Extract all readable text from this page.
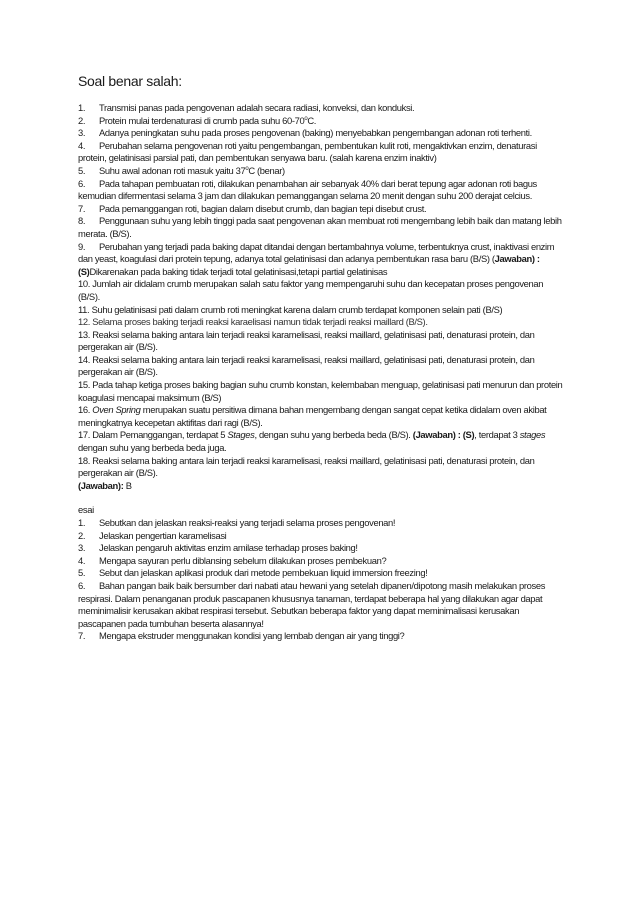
Soal benar salah:

1. Transmisi panas pada pengovenan adalah secara radiasi, konveksi, dan konduksi.

2. Protein mulai terdenaturasi di crumb pada suhu 60-70$^o$C.

3. Adanya peningkatan suhu pada proses pengovenan (baking) menyebabkan pengembangan adonan roti terhenti.

4. Perubahan selama pengovenan roti yaitu pengembangan, pembentukan kulit roti, mengaktivkan enzim, denaturasi protein, gelatinisasi parsial pati, dan pembentukan senyawa baru. (salah karena enzim inaktiv)

5. Suhu awal adonan roti masuk yaitu 37$^o$C (benar)

6. Pada tahapan pembuatan roti, dilakukan penambahan air sebanyak 40% dari berat tepung agar adonan roti bagus kemudian difermentasi selama 3 jam dan dilakukan pemanggangan selama 20 menit dengan suhu 200 derajat celcius.

7. Pada pemanggangan roti, bagian dalam disebut crumb, dan bagian tepi disebut crust.

8. Penggunaan suhu yang lebih tinggi pada saat pengovenan akan membuat roti mengembang lebih baik dan matang lebih merata. (B/S).

9. Perubahan yang terjadi pada baking dapat ditandai dengan bertambahnya volume, terbentuknya crust, inaktivasi enzim dan yeast, koagulasi dari protein tepung, adanya total gelatinisasi dan adanya pembentukan rasa baru (B/S) (Jawaban) : (S)Dikarenakan pada baking tidak terjadi total gelatinisasi,tetapi partial gelatinisas

10. Jumlah air didalam crumb merupakan salah satu faktor yang mempengaruhi suhu dan kecepatan proses pengovenan (B/S).

11. Suhu gelatinisasi pati dalam crumb roti meningkat karena dalam crumb terdapat komponen selain pati (B/S)

12. Selama proses baking terjadi reaksi karaelisasi namun tidak terjadi reaksi maillard (B/S).

13. Reaksi selama baking antara lain terjadi reaksi karamelisasi, reaksi maillard, gelatinisasi pati, denaturasi protein, dan pergerakan air (B/S).

14. Reaksi selama baking antara lain terjadi reaksi karamelisasi, reaksi maillard, gelatinisasi pati, denaturasi protein, dan pergerakan air (B/S).

15. Pada tahap ketiga proses baking bagian suhu crumb konstan, kelembaban menguap, gelatinisasi pati menurun dan protein koagulasi mencapai maksimum (B/S)

16. Oven Spring merupakan suatu persitiwa dimana bahan mengembang dengan sangat cepat ketika didalam oven akibat meningkatnya kecepetan aktifitas dari ragi (B/S).

17. Dalam Pemanggangan, terdapat 5 Stages, dengan suhu yang berbeda beda (B/S). (Jawaban) : (S), terdapat 3 stages dengan suhu yang berbeda beda juga.

18. Reaksi selama baking antara lain terjadi reaksi karamelisasi, reaksi maillard, gelatinisasi pati, denaturasi protein, dan pergerakan air (B/S).
(Jawaban): B

esai

1. Sebutkan dan jelaskan reaksi-reaksi yang terjadi selama proses pengovenan!

2. Jelaskan pengertian karamelisasi

3. Jelaskan pengaruh aktivitas enzim amilase terhadap proses baking!

4. Mengapa sayuran perlu diblansing sebelum dilakukan proses pembekuan?

5. Sebut dan jelaskan aplikasi produk dari metode pembekuan liquid immersion freezing!

6. Bahan pangan baik baik bersumber dari nabati atau hewani yang setelah dipanen/dipotong masih melakukan proses respirasi. Dalam penanganan produk pascapanen khususnya tanaman, terdapat beberapa hal yang dilakukan agar dapat meminimalisir kerusakan akibat respirasi tersebut. Sebutkan beberapa faktor yang dapat meminimalisasi kerusakan pascapanen pada tumbuhan beserta alasannya!

7. Mengapa ekstruder menggunakan kondisi yang lembab dengan air yang tinggi?
